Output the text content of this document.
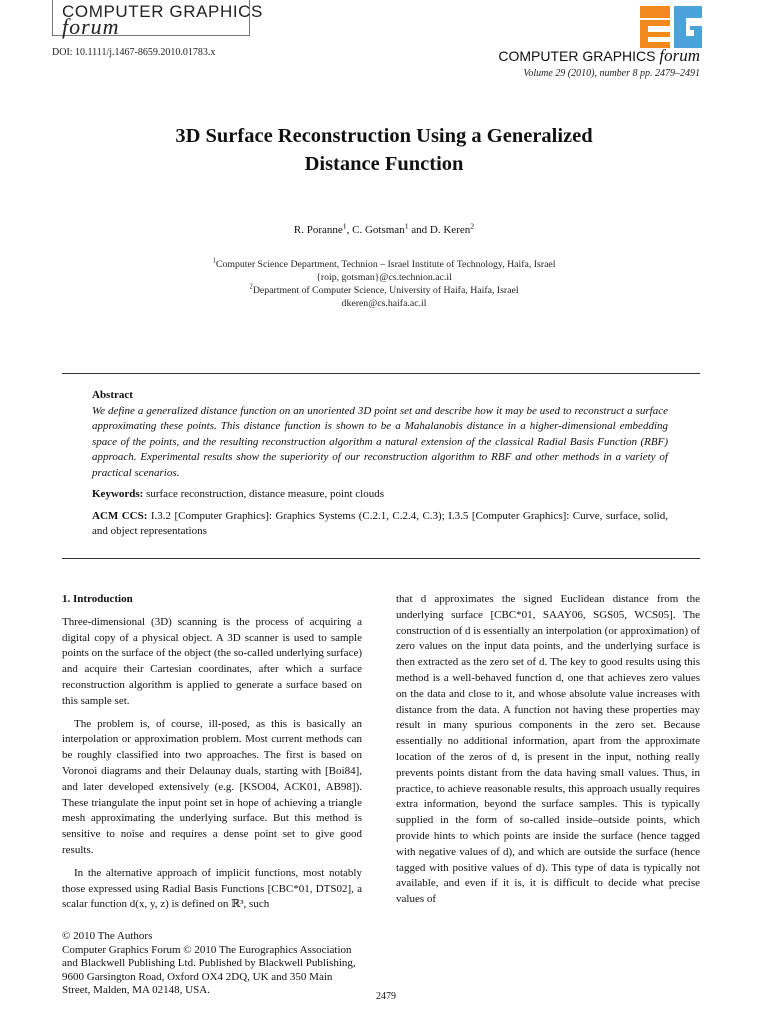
COMPUTER GRAPHICS
forum
DOI: 10.1111/j.1467-8659.2010.01783.x	COMPUTER GRAPHICS forum
Volume 29 (2010), number 8 pp. 2479–2491
3D Surface Reconstruction Using a Generalized
Distance Function
R. Poranne$^1$, C. Gotsman$^1$ and D. Keren$^2$
$^1$Computer Science Department, Technion – Israel Institute of Technology, Haifa, Israel
{roip, gotsman}@cs.technion.ac.il
$^2$Department of Computer Science, University of Haifa, Haifa, Israel
dkeren@cs.haifa.ac.il
Abstract

We define a generalized distance function on an unoriented 3D point set and describe how it may be used to reconstruct a surface approximating these points. This distance function is shown to be a Mahalanobis distance in a higher-dimensional embedding space of the points, and the resulting reconstruction algorithm a natural extension of the classical Radial Basis Function (RBF) approach. Experimental results show the superiority of our reconstruction algorithm to RBF and other methods in a variety of practical scenarios.

Keywords: surface reconstruction, distance measure, point clouds
ACM CCS: I.3.2 [Computer Graphics]: Graphics Systems (C.2.1, C.2.4, C.3); I.3.5 [Computer Graphics]: Curve, surface, solid, and object representations

1. Introduction

Three-dimensional (3D) scanning is the process of acquiring a digital copy of a physical object. A 3D scanner is used to sample points on the surface of the object (the so-called underlying surface) and acquire their Cartesian coordinates, after which a surface reconstruction algorithm is applied to generate a surface based on this sample set.

The problem is, of course, ill-posed, as this is basically an interpolation or approximation problem. Most current methods can be roughly classified into two approaches. The first is based on Voronoi diagrams and their Delaunay duals, starting with [Boi84], and later developed extensively (e.g. [KSO04, ACK01, AB98]). These triangulate the input point set in hope of achieving a triangle mesh approximating the underlying surface. But this method is sensitive to noise and requires a dense point set to give good results.

In the alternative approach of implicit functions, most notably those expressed using Radial Basis Functions [CBC*01, DTS02], a scalar function d(x, y, z) is defined on ℝ³, such

that d approximates the signed Euclidean distance from the underlying surface [CBC*01, SAAY06, SGS05, WCS05]. The construction of d is essentially an interpolation (or approximation) of zero values on the input data points, and the underlying surface is then extracted as the zero set of d. The key to good results using this method is a well-behaved function d, one that achieves zero values on the data and close to it, and whose absolute value increases with distance from the data. A function not having these properties may result in many spurious components in the zero set. Because essentially no additional information, apart from the approximate location of the zeros of d, is present in the input, nothing really prevents points distant from the data having small values. Thus, in practice, to achieve reasonable results, this approach usually requires extra information, beyond the surface samples. This is typically supplied in the form of so-called inside–outside points, which provide hints to which points are inside the surface (hence tagged with negative values of d), and which are outside the surface (hence tagged with positive values of d). This type of data is typically not available, and even if it is, it is difficult to decide what precise values of

© 2010 The Authors
Computer Graphics Forum © 2010 The Eurographics Association and Blackwell Publishing Ltd. Published by Blackwell Publishing, 9600 Garsington Road, Oxford OX4 2DQ, UK and 350 Main Street, Malden, MA 02148, USA.
2479
